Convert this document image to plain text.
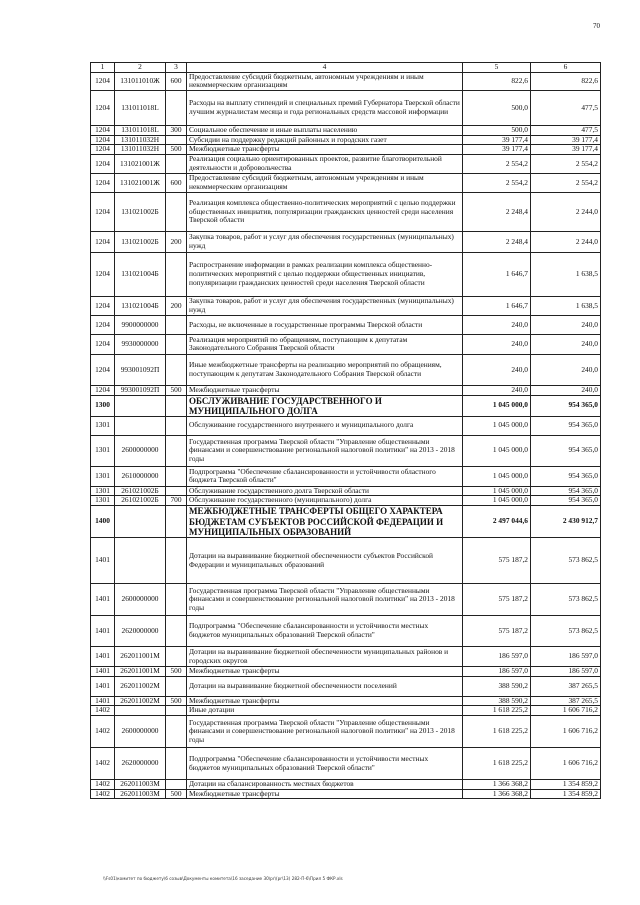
70
1	2	3	4	5	6
1204	131011010Ж	600	Предоставление субсидий бюджетным, автономным учреждениям и иным некоммерческим организациям	822,6	822,6
1204	131011018L		Расходы на выплату стипендий и специальных премий Губернатора Тверской области лучшим журналистам месяца и года региональных средств массовой информации	500,0	477,5
1204	131011018L	300	Социальное обеспечение и иные выплаты населению	500,0	477,5
1204	131011032Н		Субсидии на поддержку редакций районных и городских газет	39 177,4	39 177,4
1204	131011032Н	500	Межбюджетные трансферты	39 177,4	39 177,4
1204	131021001Ж		Реализация социально ориентированных проектов, развитие благотворительной деятельности и добровольчества	2 554,2	2 554,2
1204	131021001Ж	600	Предоставление субсидий бюджетным, автономным учреждениям и иным некоммерческим организациям	2 554,2	2 554,2
1204	131021002Б		Реализация комплекса общественно-политических мероприятий с целью поддержки общественных инициатив, популяризации гражданских ценностей среди населения Тверской области	2 248,4	2 244,0
1204	131021002Б	200	Закупка товаров, работ и услуг для обеспечения государственных (муниципальных) нужд	2 248,4	2 244,0
1204	131021004Б		Распространение информации в рамках реализации комплекса общественно-политических мероприятий с целью поддержки общественных инициатив, популяризации гражданских ценностей среди населения Тверской области	1 646,7	1 638,5
1204	131021004Б	200	Закупка товаров, работ и услуг для обеспечения государственных (муниципальных) нужд	1 646,7	1 638,5
1204	9900000000		Расходы, не включенные в государственные программы Тверской области	240,0	240,0
1204	9930000000		Реализация мероприятий по обращениям, поступающим к депутатам Законодательного Собрания Тверской области	240,0	240,0
1204	993001092П		Иные межбюджетные трансферты на реализацию мероприятий по обращениям, поступающим к депутатам Законодательного Собрания Тверской области	240,0	240,0
1204	993001092П	500	Межбюджетные трансферты	240,0	240,0
1300			ОБСЛУЖИВАНИЕ ГОСУДАРСТВЕННОГО И МУНИЦИПАЛЬНОГО ДОЛГА	1 045 000,0	954 365,0
1301			Обслуживание государственного внутреннего и муниципального долга	1 045 000,0	954 365,0
1301	2600000000		Государственная программа Тверской области "Управление общественными финансами и совершенствование региональной налоговой политики" на 2013 - 2018 годы	1 045 000,0	954 365,0
1301	2610000000		Подпрограмма "Обеспечение сбалансированности и устойчивости областного бюджета Тверской области"	1 045 000,0	954 365,0
1301	261021002Б		Обслуживание государственного долга Тверской области	1 045 000,0	954 365,0
1301	261021002Б	700	Обслуживание государственного (муниципального) долга	1 045 000,0	954 365,0
1400			МЕЖБЮДЖЕТНЫЕ ТРАНСФЕРТЫ ОБЩЕГО ХАРАКТЕРА БЮДЖЕТАМ СУБЪЕКТОВ РОССИЙСКОЙ ФЕДЕРАЦИИ И МУНИЦИПАЛЬНЫХ ОБРАЗОВАНИЙ	2 497 044,6	2 430 912,7
1401			Дотации на выравнивание бюджетной обеспеченности субъектов Российской Федерации и муниципальных образований	575 187,2	573 862,5
1401	2600000000		Государственная программа Тверской области "Управление общественными финансами и совершенствование региональной налоговой политики" на 2013 - 2018 годы	575 187,2	573 862,5
1401	2620000000		Подпрограмма "Обеспечение сбалансированности и устойчивости местных бюджетов муниципальных образований Тверской области"	575 187,2	573 862,5
1401	262011001М		Дотации на выравнивание бюджетной обеспеченности муниципальных районов и городских округов	186 597,0	186 597,0
1401	262011001М	500	Межбюджетные трансферты	186 597,0	186 597,0
1401	262011002М		Дотации на выравнивание бюджетной обеспеченности поселений	388 590,2	387 265,5
1401	262011002М	500	Межбюджетные трансферты	388 590,2	387 265,5
1402			Иные дотации	1 618 225,2	1 606 716,2
1402	2600000000		Государственная программа Тверской области "Управление общественными финансами и совершенствование региональной налоговой политики" на 2013 - 2018 годы	1 618 225,2	1 606 716,2
1402	2620000000		Подпрограмма "Обеспечение сбалансированности и устойчивости местных бюджетов муниципальных образований Тверской области"	1 618 225,2	1 606 716,2
1402	262011003М		Дотации на сбалансированность местных бюджетов	1 366 368,2	1 354 859,2
1402	262011003М	500	Межбюджетные трансферты	1 366 368,2	1 354 859,2
\\Fs01\комитет по бюджету\6 созыв\Документы комитета\16 заседание 30\pr\(pr\13) 282-П-6\Прил 5 ФКР.xls
